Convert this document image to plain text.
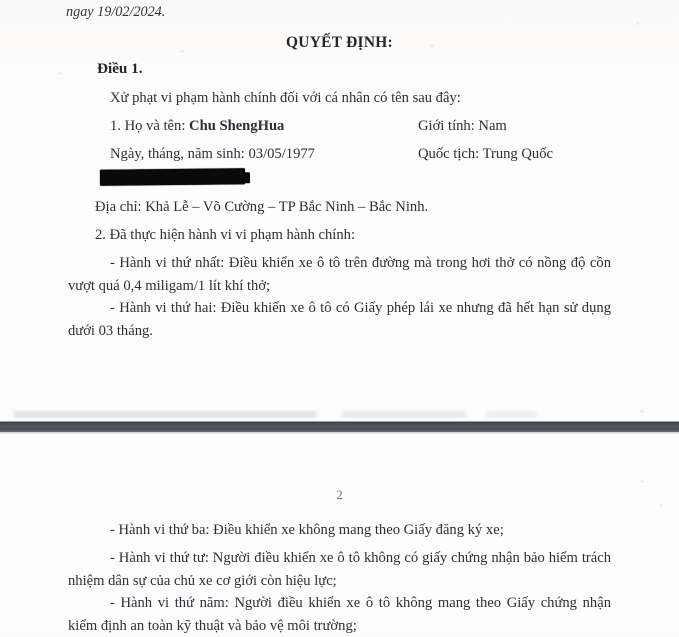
ngay 19/02/2024.
QUYẾT ĐỊNH:
Điều 1.
Xử phạt vi phạm hành chính đối với cá nhân có tên sau đây:
1. Họ và tên: Chu ShengHua	Giới tính: Nam
Ngày, tháng, năm sinh: 03/05/1977	Quốc tịch: Trung Quốc
Địa chỉ: Khả Lễ – Võ Cường – TP Bắc Ninh – Bắc Ninh.
2. Đã thực hiện hành vi vi phạm hành chính:
- Hành vi thứ nhất: Điều khiển xe ô tô trên đường mà trong hơi thở có nồng độ cồn vượt quá 0,4 miligam/1 lít khí thở;
- Hành vi thứ hai: Điều khiển xe ô tô có Giấy phép lái xe nhưng đã hết hạn sử dụng dưới 03 tháng.
2
- Hành vi thứ ba: Điều khiển xe không mang theo Giấy đăng ký xe;
- Hành vi thứ tư: Người điều khiển xe ô tô không có giấy chứng nhận bảo hiểm trách nhiệm dân sự của chủ xe cơ giới còn hiệu lực;
- Hành vi thứ năm: Người điều khiển xe ô tô không mang theo Giấy chứng nhận kiểm định an toàn kỹ thuật và bảo vệ môi trường;
